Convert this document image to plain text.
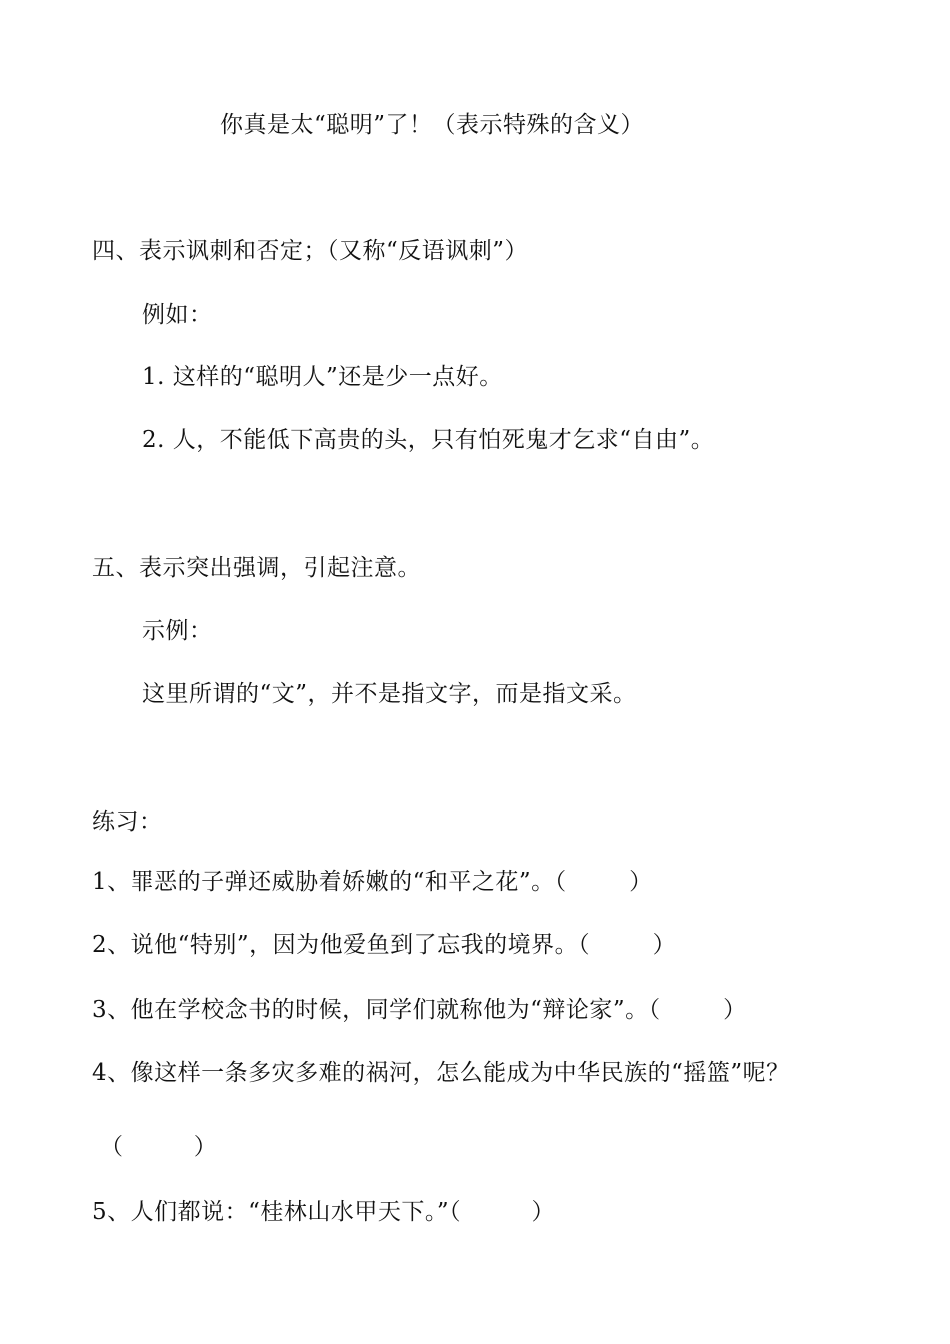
你真是太“聪明”了！（表示特殊的含义）
四、表示讽刺和否定；（又称“反语讽刺”）
例如：
1. 这样的“聪明人”还是少一点好。
2. 人，不能低下高贵的头，只有怕死鬼才乞求“自由”。
五、表示突出强调，引起注意。
示例：
这里所谓的“文”，并不是指文字，而是指文采。
练习：
1、罪恶的子弹还威胁着娇嫩的“和平之花”。（        ）
2、说他“特别”，因为他爱鱼到了忘我的境界。（        ）
3、他在学校念书的时候，同学们就称他为“辩论家”。（        ）
4、像这样一条多灾多难的祸河，怎么能成为中华民族的“摇篮”呢？
（         ）
5、人们都说：“桂林山水甲天下。”（         ）
